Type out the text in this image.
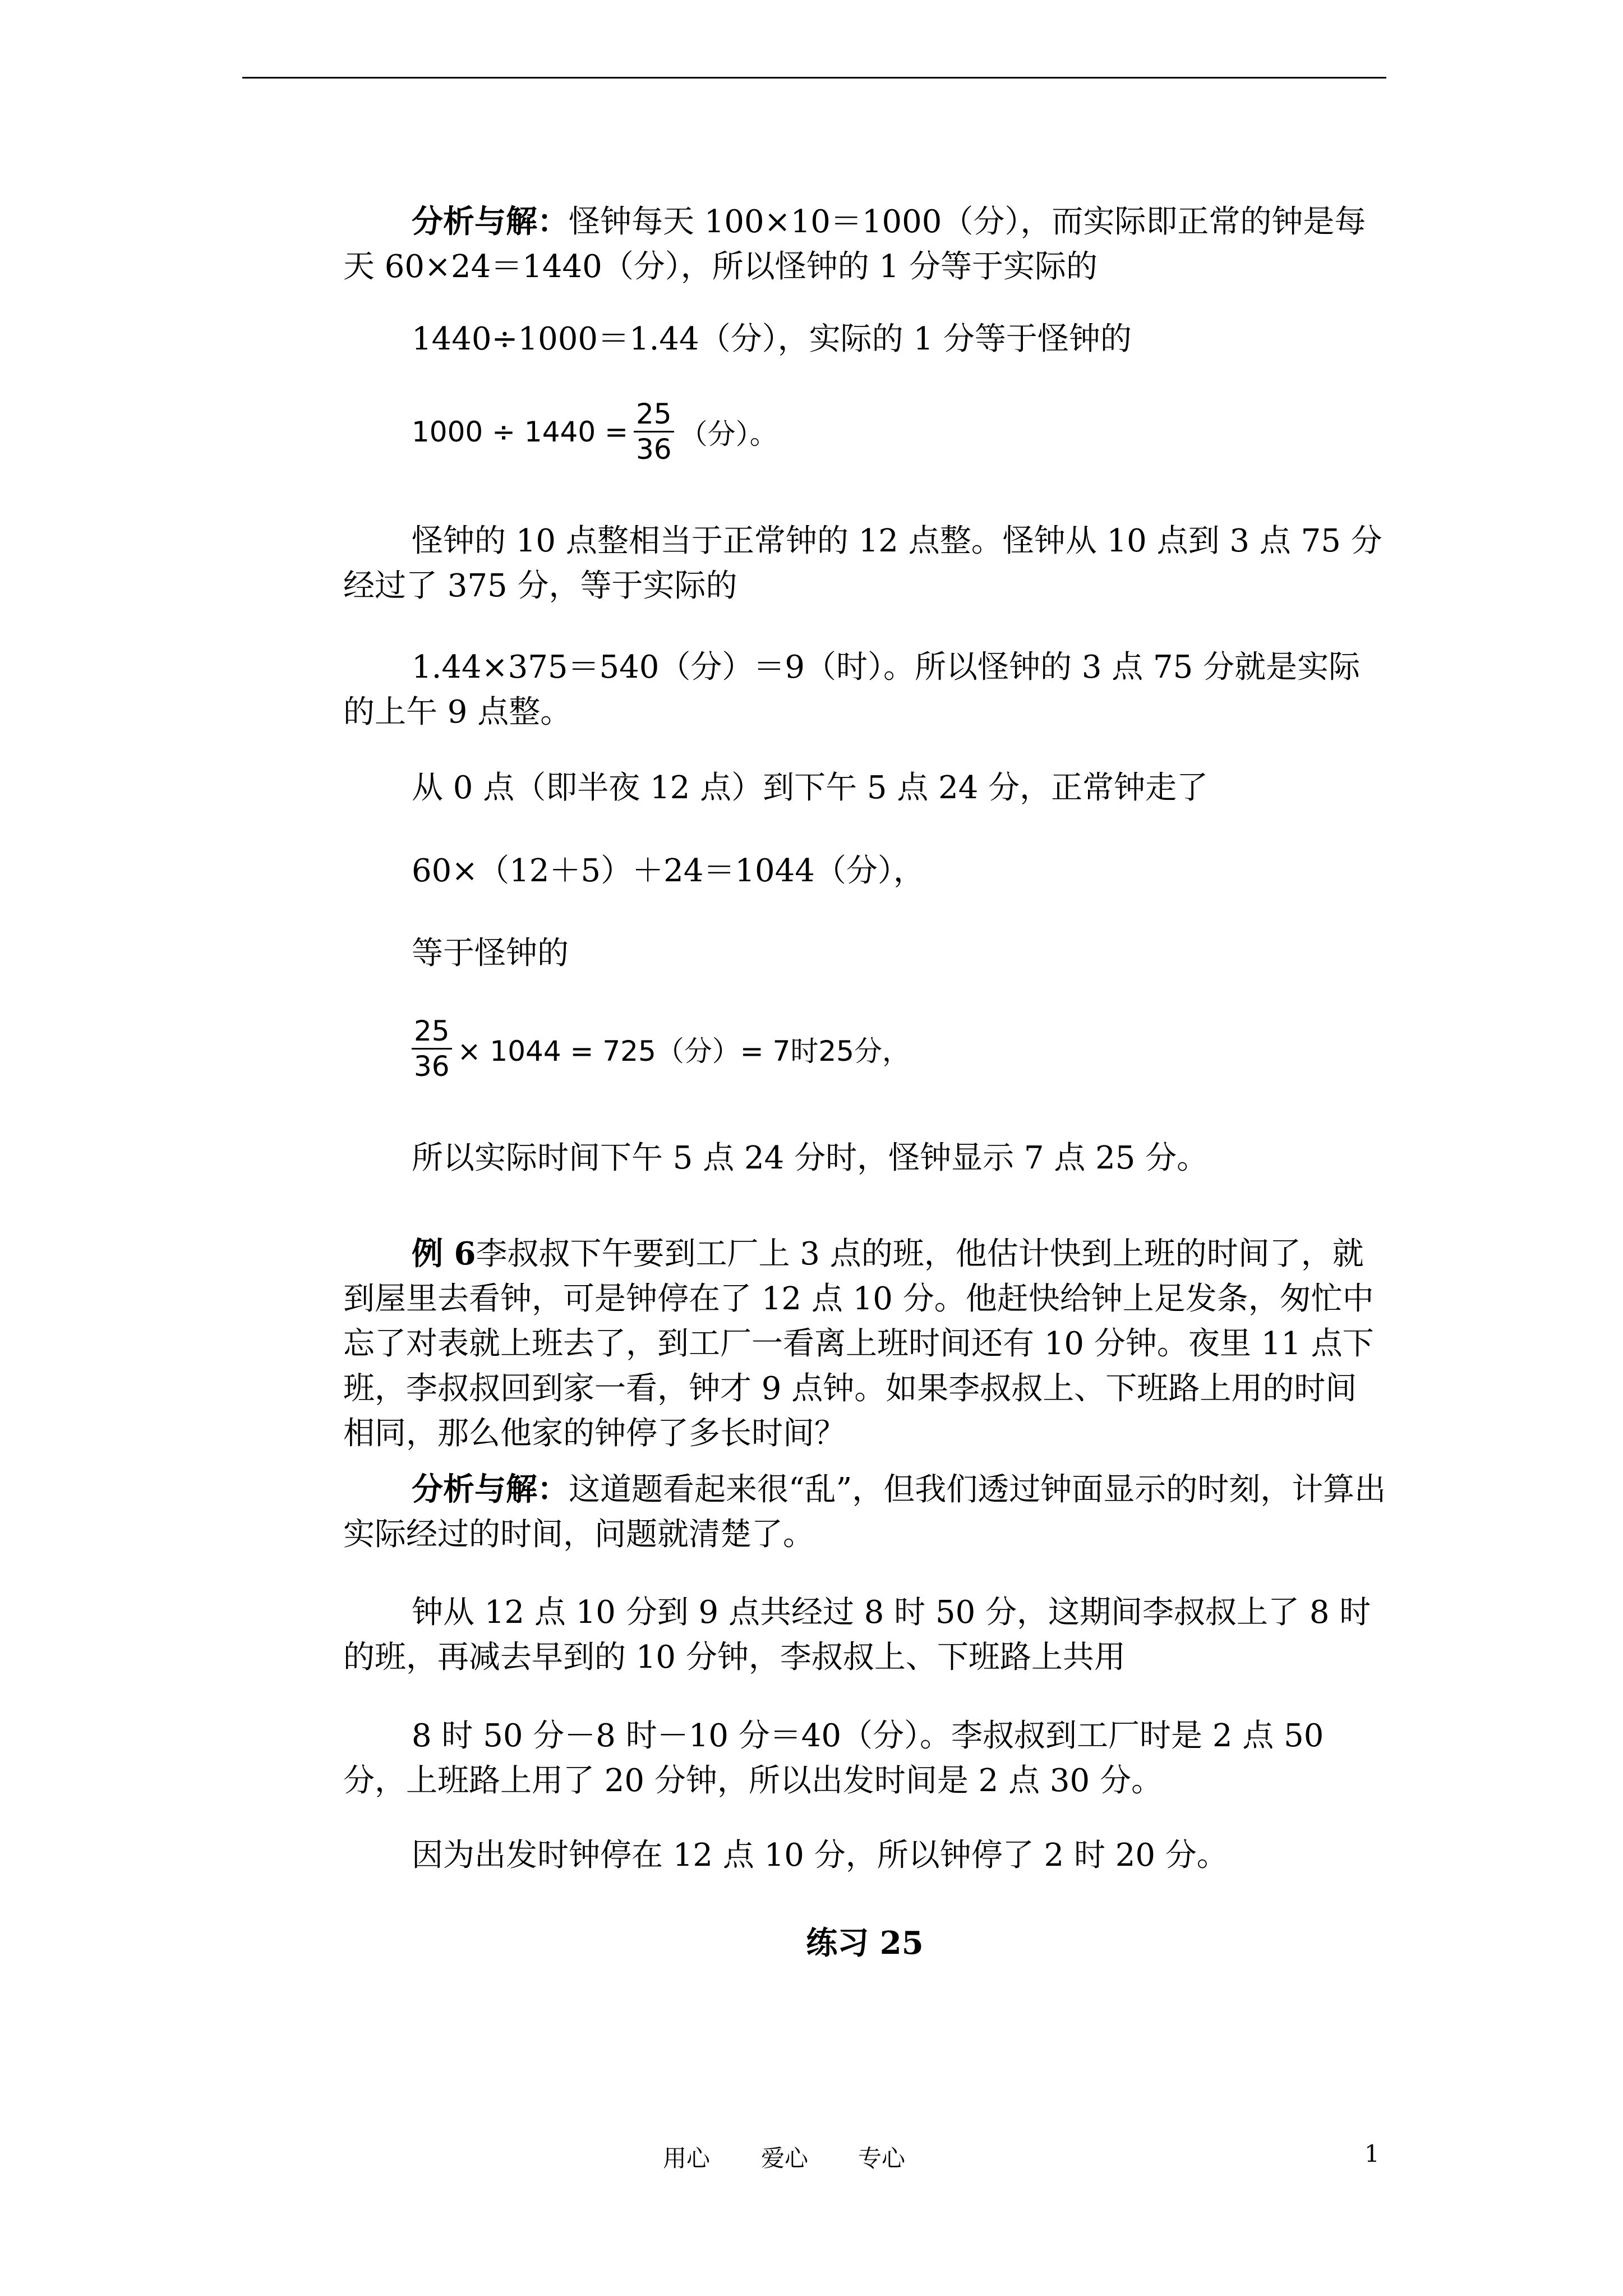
分析与解：怪钟每天 100×10＝1000（分），而实际即正常的钟是每天 60×24＝1440（分），所以怪钟的 1 分等于实际的

1440÷1000＝1.44（分），实际的 1 分等于怪钟的

$1000 \div 1440 = \frac{25}{36}$ （分）。

怪钟的 10 点整相当于正常钟的 12 点整。怪钟从 10 点到 3 点 75 分经过了 375 分，等于实际的

1.44×375＝540（分）＝9（时）。所以怪钟的 3 点 75 分就是实际的上午 9 点整。

从 0 点（即半夜 12 点）到下午 5 点 24 分，正常钟走了

60×（12＋5）＋24＝1044（分），

等于怪钟的

$\frac{25}{36} \times 1044 = 725$（分）= 7时25分，

所以实际时间下午 5 点 24 分时，怪钟显示 7 点 25 分。

例 6李叔叔下午要到工厂上 3 点的班，他估计快到上班的时间了，就到屋里去看钟，可是钟停在了 12 点 10 分。他赶快给钟上足发条，匆忙中忘了对表就上班去了，到工厂一看离上班时间还有 10 分钟。夜里 11 点下班，李叔叔回到家一看，钟才 9 点钟。如果李叔叔上、下班路上用的时间相同，那么他家的钟停了多长时间？

分析与解：这道题看起来很“乱”，但我们透过钟面显示的时刻，计算出实际经过的时间，问题就清楚了。

钟从 12 点 10 分到 9 点共经过 8 时 50 分，这期间李叔叔上了 8 时的班，再减去早到的 10 分钟，李叔叔上、下班路上共用

8 时 50 分－8 时－10 分＝40（分）。李叔叔到工厂时是 2 点 50 分，上班路上用了 20 分钟，所以出发时间是 2 点 30 分。

因为出发时钟停在 12 点 10 分，所以钟停了 2 时 20 分。

练习 25
用心 爱心 专心	1
